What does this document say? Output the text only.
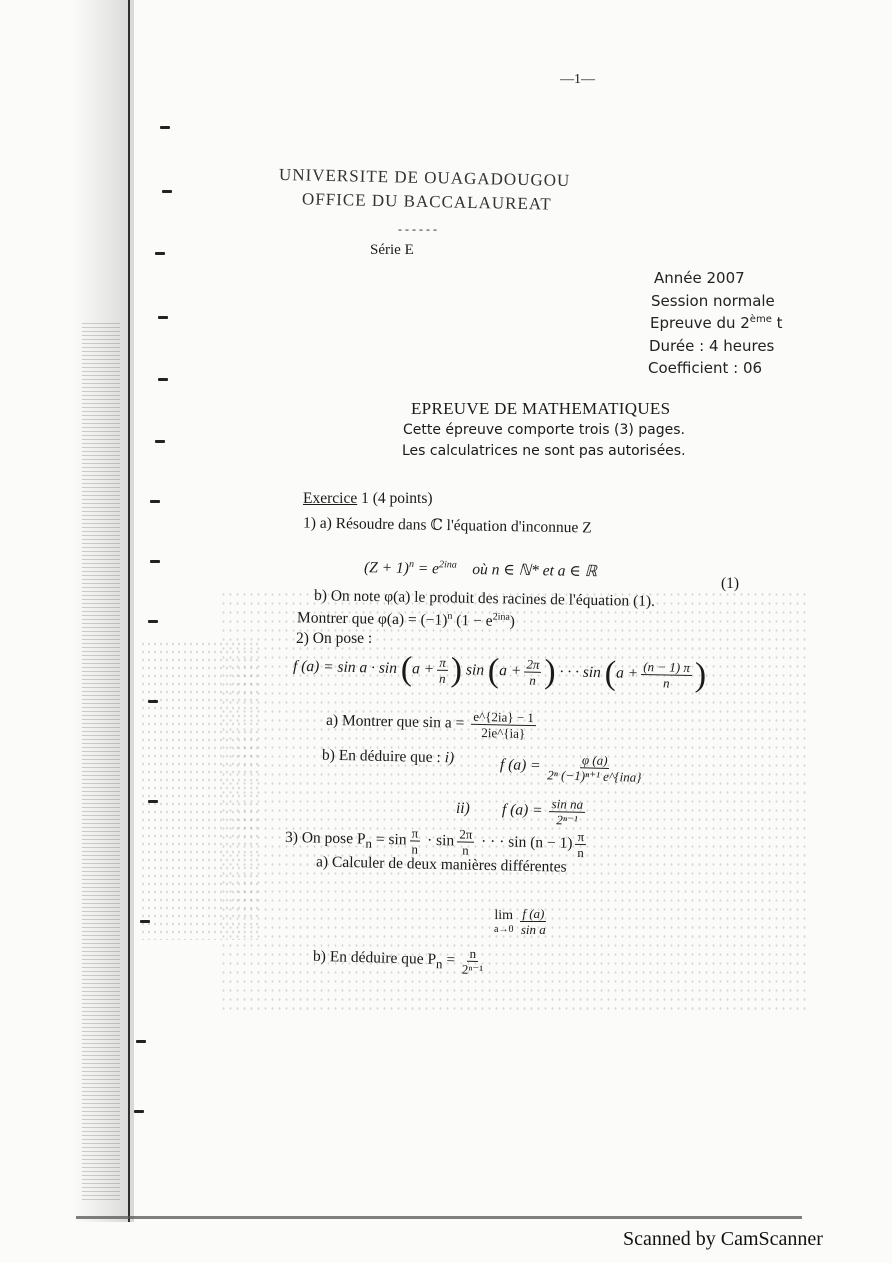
—1—
UNIVERSITE DE OUAGADOUGOU
OFFICE DU BACCALAUREAT
- - - - - -
Série E
Année 2007
Session normale
Epreuve du 2ème t
Durée : 4 heures
Coefficient : 06
EPREUVE DE MATHEMATIQUES
Cette épreuve comporte trois (3) pages.
Les calculatrices ne sont pas autorisées.
Exercice 1 (4 points)
1) a) Résoudre dans ℂ l'équation d'inconnue Z
$(Z + 1)^n = e^{2ina}$ où n ∈ ℕ* et a ∈ ℝ
(1)
b) On note φ(a) le produit des racines de l'équation (1).
Montrer que $\varphi(a) = (-1)^n$ $(1 - e^{2ina})$
2) On pose :
f $(a) = \sin a \cdot \sin (a + \frac{\pi}{n}$ ) $\sin (a + \frac{2\pi}{n}$ ) · · · $\sin (a + \frac{(n - 1) \pi}{n}$ )
a) Montrer que $\sin a = \frac{e\^{}\{2ia\} - 1}{2ie\^{}\{ia\}}$
b) En déduire que : i)	f $(a) = \frac{\varphi (a)}{\text{2ⁿ (−1)ⁿ⁺¹ e\textasciicircum{}\{ina\}}}$
ii) f $(a) = \frac{\text{sin na}}{\text{2ⁿ⁻¹}}$
3) On pose $P_n = \sin \frac{\pi}{n} \cdot \sin \frac{2\pi}{n}$ · · · $\sin (n - 1) \frac{\pi}{n}$
a) Calculer de deux manières différentes
lim
a→0
$\frac{f (a)}{\text{sin a}}$
b) En déduire que $P_n = \frac{n}{\text{2ⁿ⁻¹}}$
Scanned by CamScanner
